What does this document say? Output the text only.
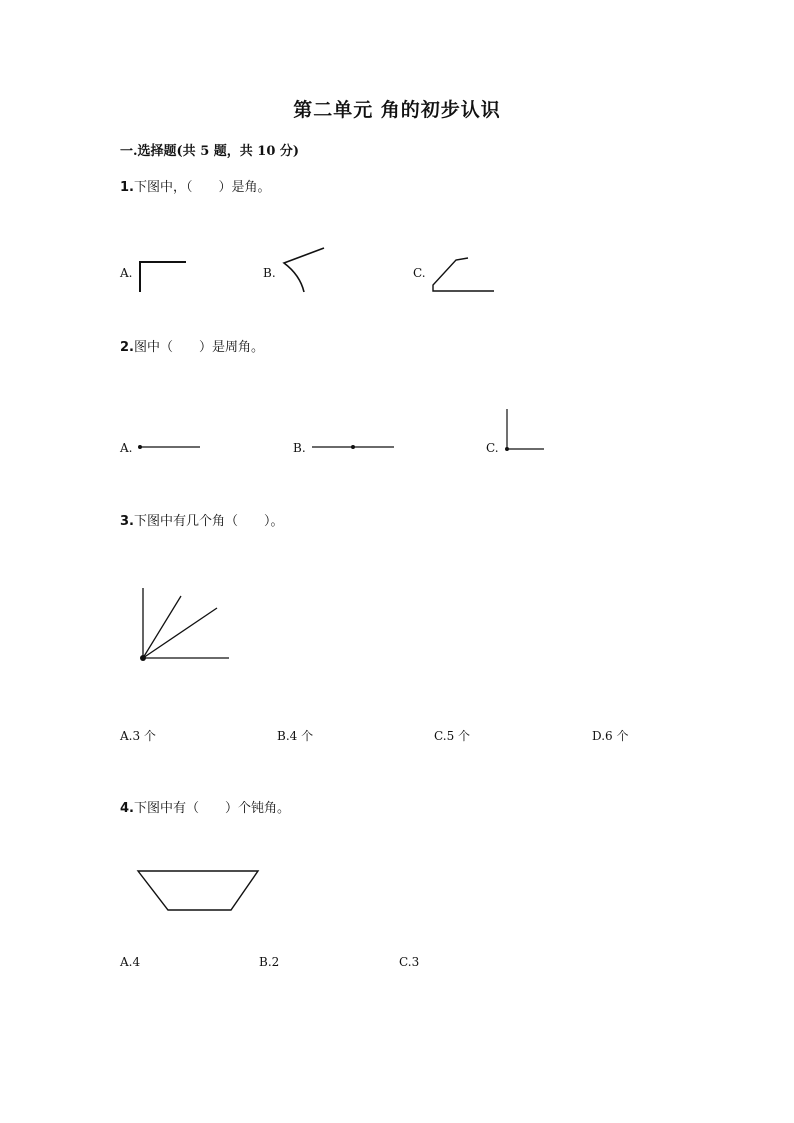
第二单元 角的初步认识
一.选择题(共 5 题，共 10 分)
1.下图中，（　　）是角。
A.	B.	C.
2.图中（　　）是周角。
A.	B.	C.
3.下图中有几个角（　　）。
A.3 个	B.4 个	C.5 个	D.6 个
4.下图中有（　　）个钝角。
A.4	B.2	C.3
